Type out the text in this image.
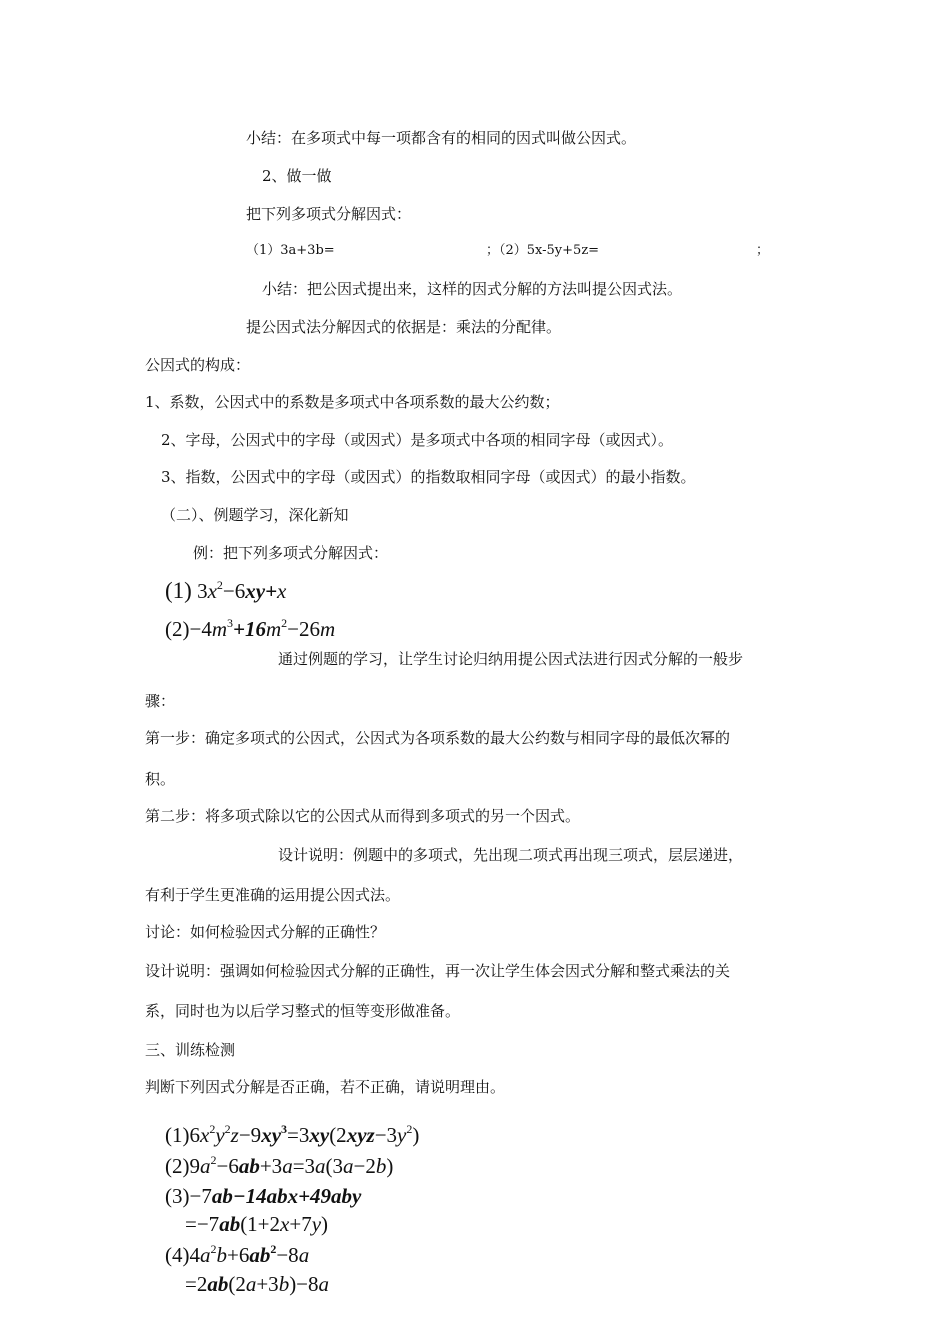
小结：在多项式中每一项都含有的相同的因式叫做公因式。
2、做一做
把下列多项式分解因式：
（1）3a+3b=	；（2）5x-5y+5z=	；
小结：把公因式提出来，这样的因式分解的方法叫提公因式法。
提公因式法分解因式的依据是：乘法的分配律。
公因式的构成：
1、系数，公因式中的系数是多项式中各项系数的最大公约数；
2、字母，公因式中的字母（或因式）是多项式中各项的相同字母（或因式）。
3、指数，公因式中的字母（或因式）的指数取相同字母（或因式）的最小指数。
（二）、例题学习，深化新知
例：把下列多项式分解因式：
(1) $3x^2-6xy+x$
$(2)-4m^3+16m^2-26m$
通过例题的学习，让学生讨论归纳用提公因式法进行因式分解的一般步
骤：
第一步：确定多项式的公因式，公因式为各项系数的最大公约数与相同字母的最低次幂的
积。
第二步：将多项式除以它的公因式从而得到多项式的另一个因式。
设计说明：例题中的多项式，先出现二项式再出现三项式，层层递进，
有利于学生更准确的运用提公因式法。
讨论：如何检验因式分解的正确性？
设计说明：强调如何检验因式分解的正确性，再一次让学生体会因式分解和整式乘法的关
系，同时也为以后学习整式的恒等变形做准备。
三、训练检测
判断下列因式分解是否正确，若不正确，请说明理由。
$(1)6x^2y^2z-9xy^3=3xy(2xyz-3y^2)$
$(2)9a^2-6ab+3a=3a(3a-2b)$
(3)−7ab−14abx+49aby
=−7ab(1+2x+7y)
$(4)4a^2b+6ab^2-8a$
=2ab(2a+3b)−8a
